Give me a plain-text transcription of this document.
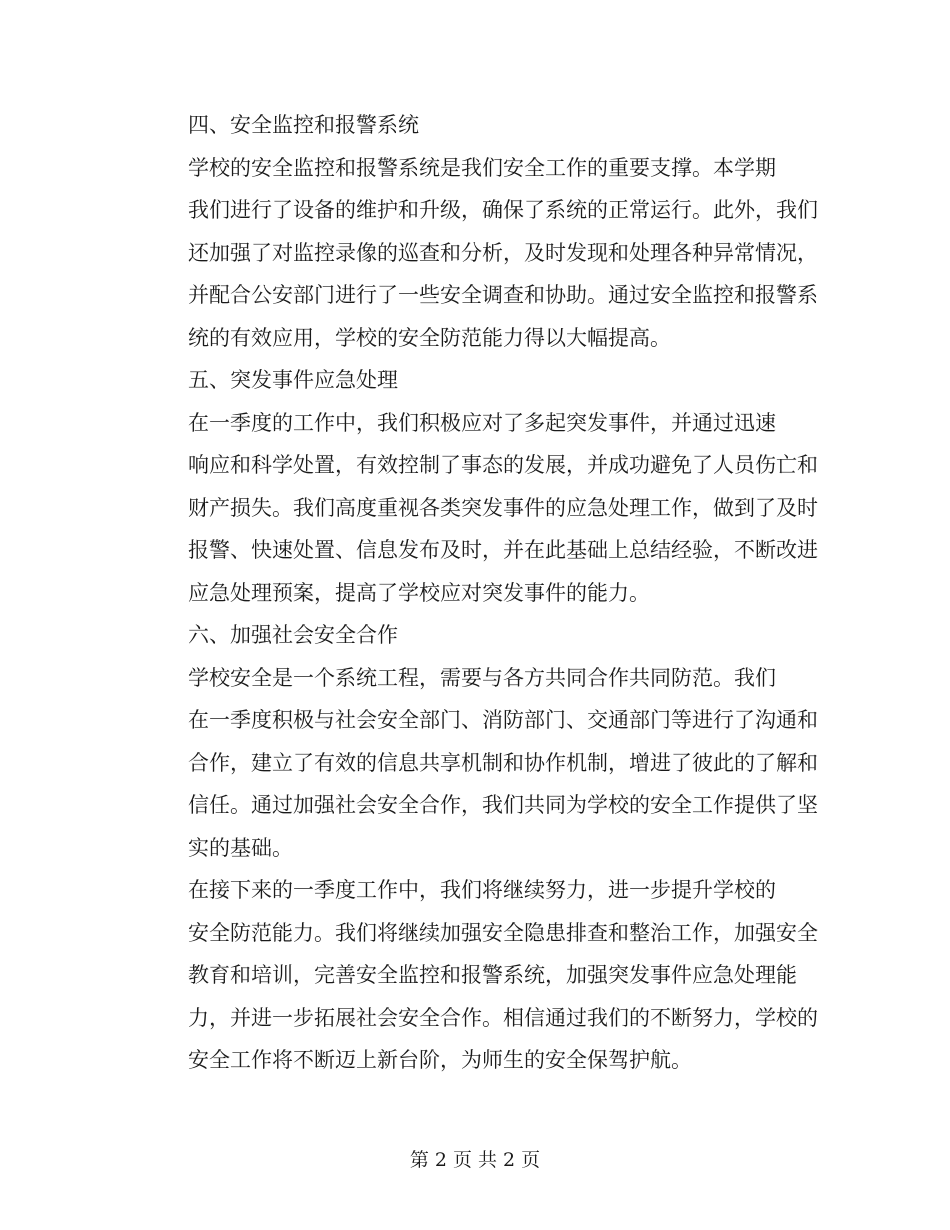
四、安全监控和报警系统

学校的安全监控和报警系统是我们安全工作的重要支撑。本学期
我们进行了设备的维护和升级，确保了系统的正常运行。此外，我们
还加强了对监控录像的巡查和分析，及时发现和处理各种异常情况，
并配合公安部门进行了一些安全调查和协助。通过安全监控和报警系
统的有效应用，学校的安全防范能力得以大幅提高。

五、突发事件应急处理

在一季度的工作中，我们积极应对了多起突发事件，并通过迅速
响应和科学处置，有效控制了事态的发展，并成功避免了人员伤亡和
财产损失。我们高度重视各类突发事件的应急处理工作，做到了及时
报警、快速处置、信息发布及时，并在此基础上总结经验，不断改进
应急处理预案，提高了学校应对突发事件的能力。

六、加强社会安全合作

学校安全是一个系统工程，需要与各方共同合作共同防范。我们
在一季度积极与社会安全部门、消防部门、交通部门等进行了沟通和
合作，建立了有效的信息共享机制和协作机制，增进了彼此的了解和
信任。通过加强社会安全合作，我们共同为学校的安全工作提供了坚
实的基础。

在接下来的一季度工作中，我们将继续努力，进一步提升学校的
安全防范能力。我们将继续加强安全隐患排查和整治工作，加强安全
教育和培训，完善安全监控和报警系统，加强突发事件应急处理能
力，并进一步拓展社会安全合作。相信通过我们的不断努力，学校的
安全工作将不断迈上新台阶，为师生的安全保驾护航。

第 2 页 共 2 页
